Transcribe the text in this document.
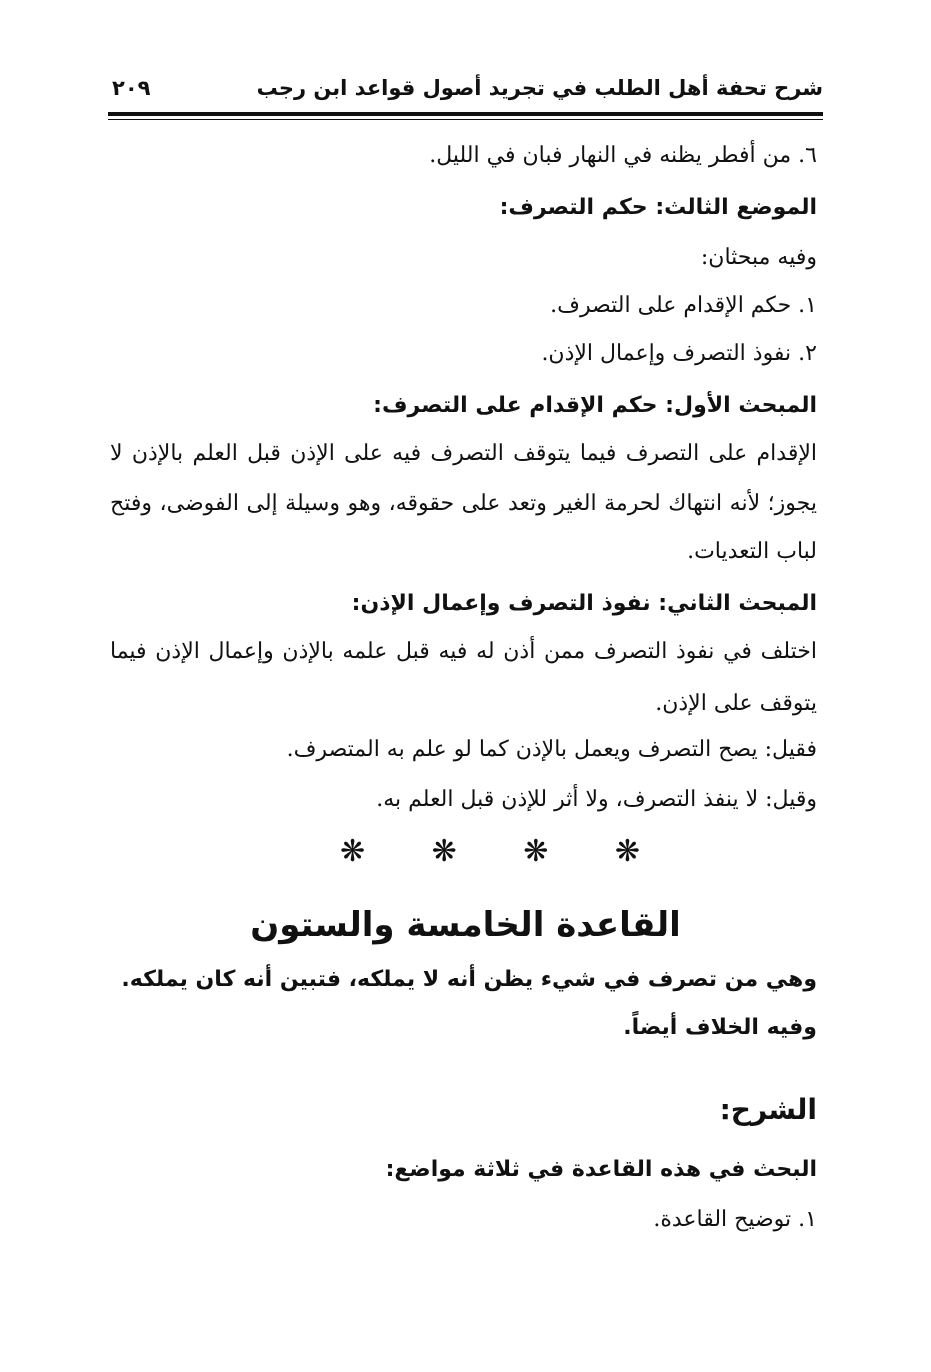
شرح تحفة أهل الطلب في تجريد أصول قواعد ابن رجب
٢٠٩
٦. من أفطر يظنه في النهار فبان في الليل.
الموضع الثالث: حكم التصرف:
وفيه مبحثان:
١. حكم الإقدام على التصرف.
٢. نفوذ التصرف وإعمال الإذن.
المبحث الأول: حكم الإقدام على التصرف:
الإقدام على التصرف فيما يتوقف التصرف فيه على الإذن قبل العلم بالإذن لا
يجوز؛ لأنه انتهاك لحرمة الغير وتعد على حقوقه، وهو وسيلة إلى الفوضى، وفتح
لباب التعديات.
المبحث الثاني: نفوذ التصرف وإعمال الإذن:
اختلف في نفوذ التصرف ممن أذن له فيه قبل علمه بالإذن وإعمال الإذن فيما
يتوقف على الإذن.
فقيل: يصح التصرف ويعمل بالإذن كما لو علم به المتصرف.
وقيل: لا ينفذ التصرف، ولا أثر للإذن قبل العلم به.
❋ ❋ ❋ ❋
القاعدة الخامسة والستون
وهي من تصرف في شيء يظن أنه لا يملكه، فتبين أنه كان يملكه.
وفيه الخلاف أيضاً.
الشرح:
البحث في هذه القاعدة في ثلاثة مواضع:
١. توضيح القاعدة.
